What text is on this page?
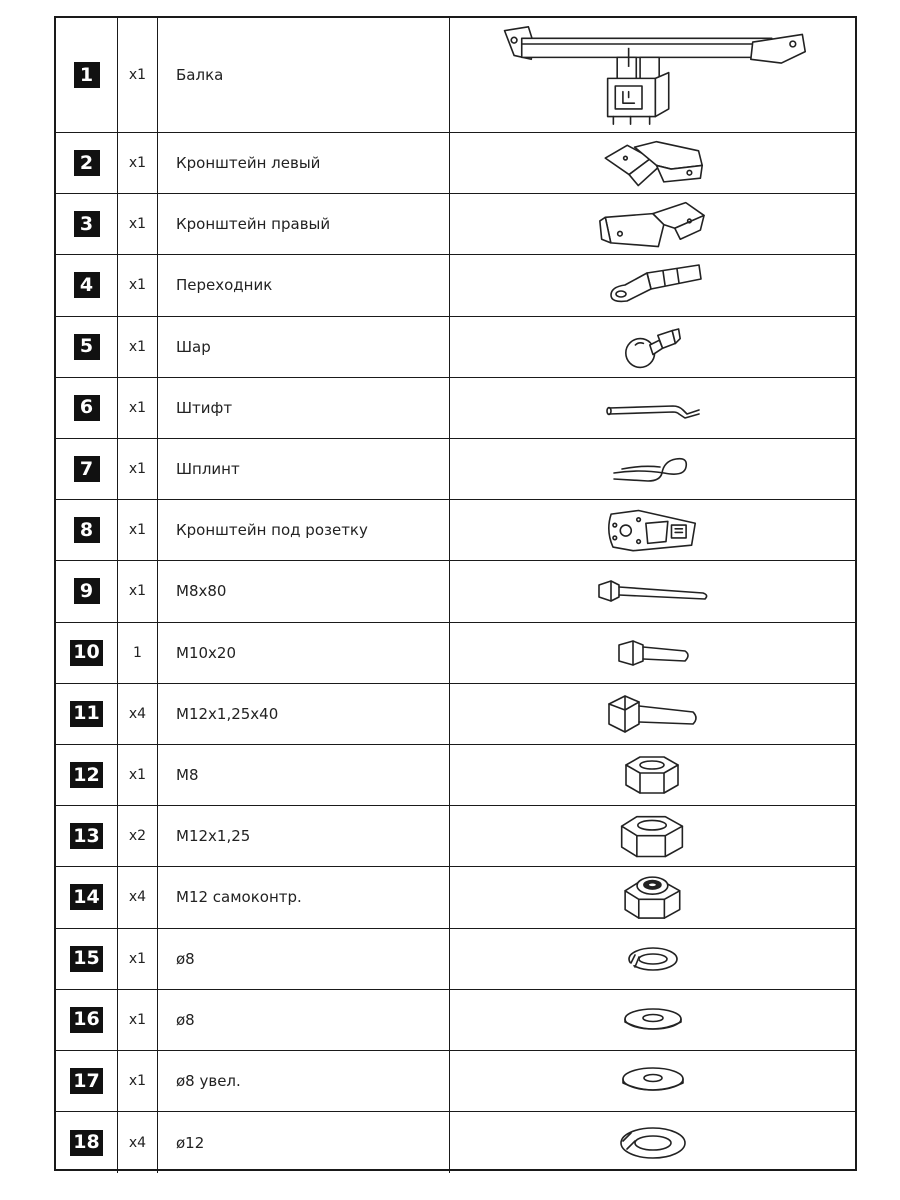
1	x1	Балка
2	x1	Кронштейн левый
3	x1	Кронштейн правый
4	x1	Переходник
5	x1	Шар
6	x1	Штифт
7	x1	Шплинт
8	x1	Кронштейн под розетку
9	x1	М8х80
10	1	М10х20
11	x4	М12х1,25х40
12	x1	М8
13	x2	М12х1,25
14	x4	М12 самоконтр.
15	x1	ø8
16	x1	ø8
17	x1	ø8 увел.
18	x4	ø12
